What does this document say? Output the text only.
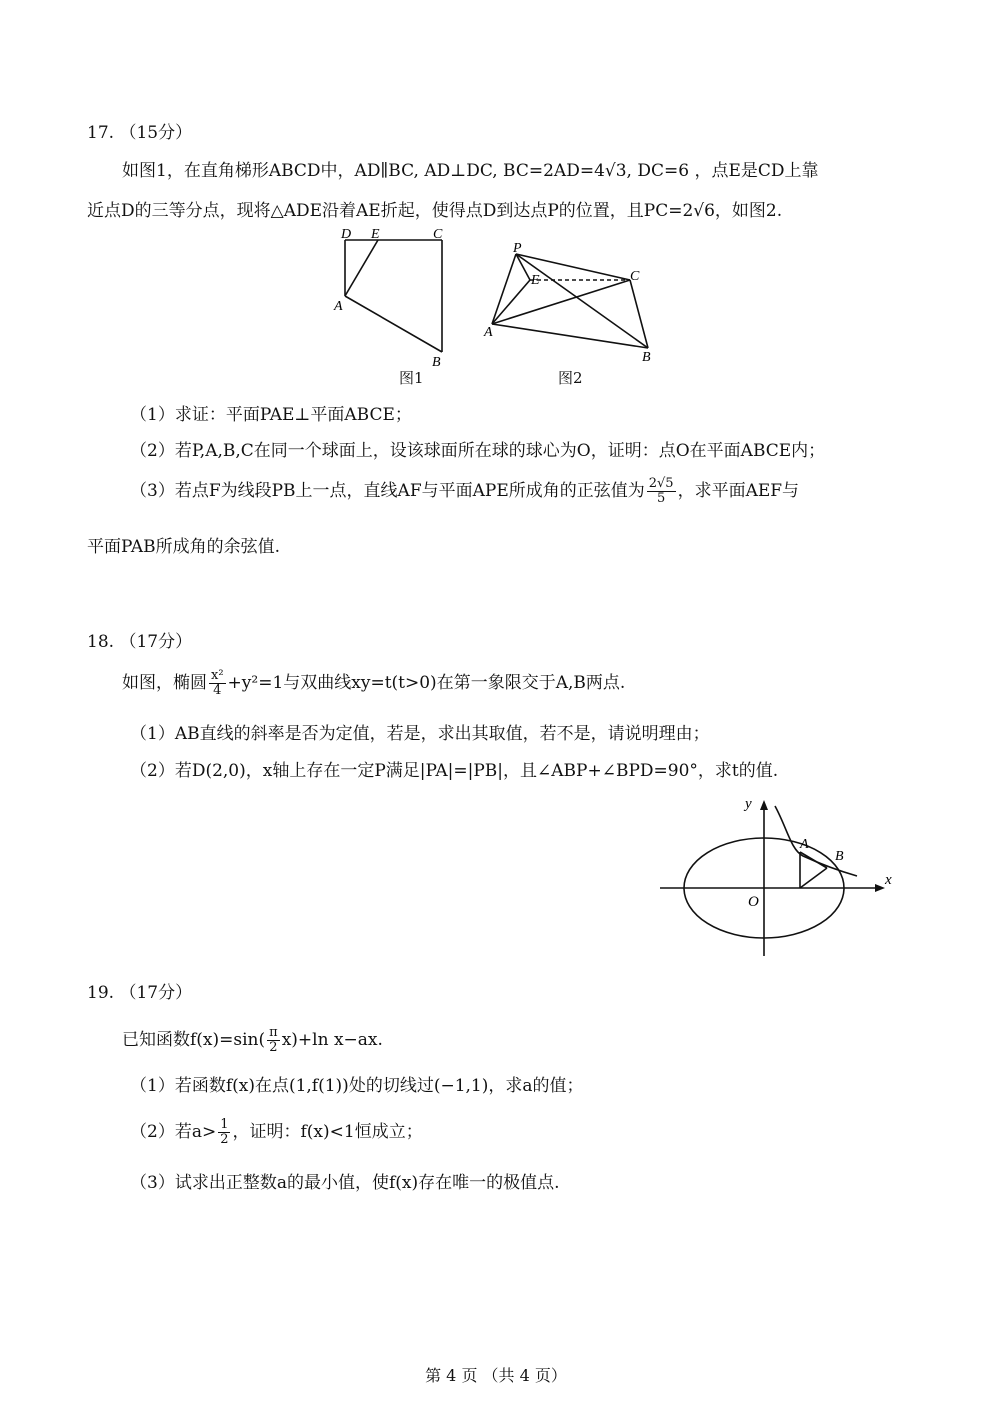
17. （15分）
如图1，在直角梯形ABCD中，AD∥BC, AD⊥DC, BC=2AD=4√3, DC=6 ，点E是CD上靠
近点D的三等分点，现将△ADE沿着AE折起，使得点D到达点P的位置，且PC=2√6，如图2.
D E	C
A
B
图1
P
E	C
A
B
图2
（1）求证：平面PAE⊥平面ABCE；
（2）若P,A,B,C在同一个球面上，设该球面所在球的球心为O，证明：点O在平面ABCE内；
（3）若点F为线段PB上一点，直线AF与平面APE所成角的正弦值为 $\frac{2√5}{5}$ ，求平面AEF与
平面PAB所成角的余弦值.
18. （17分）
如图，椭圆 $\frac{\text{x²}}{4} +y^2=1$与双曲线xy=t(t>0)在第一象限交于A,B两点.
（1）AB直线的斜率是否为定值，若是，求出其取值，若不是，请说明理由；
（2）若D(2,0)，x轴上存在一定P满足|PA|=|PB|，且∠ABP+∠BPD=90°，求t的值.
y
x
O
A
B
19. （17分）
已知函数$f(x)=\sin( \frac{\pi}{2} x)+\ln$ x−ax.
（1）若函数f(x)在点(1,f(1))处的切线过(−1,1)，求a的值；
（2）若$a> \frac{1}{2}$ ，证明：f(x)<1恒成立；
（3）试求出正整数a的最小值，使f(x)存在唯一的极值点.
第 4 页 （共 4 页）
